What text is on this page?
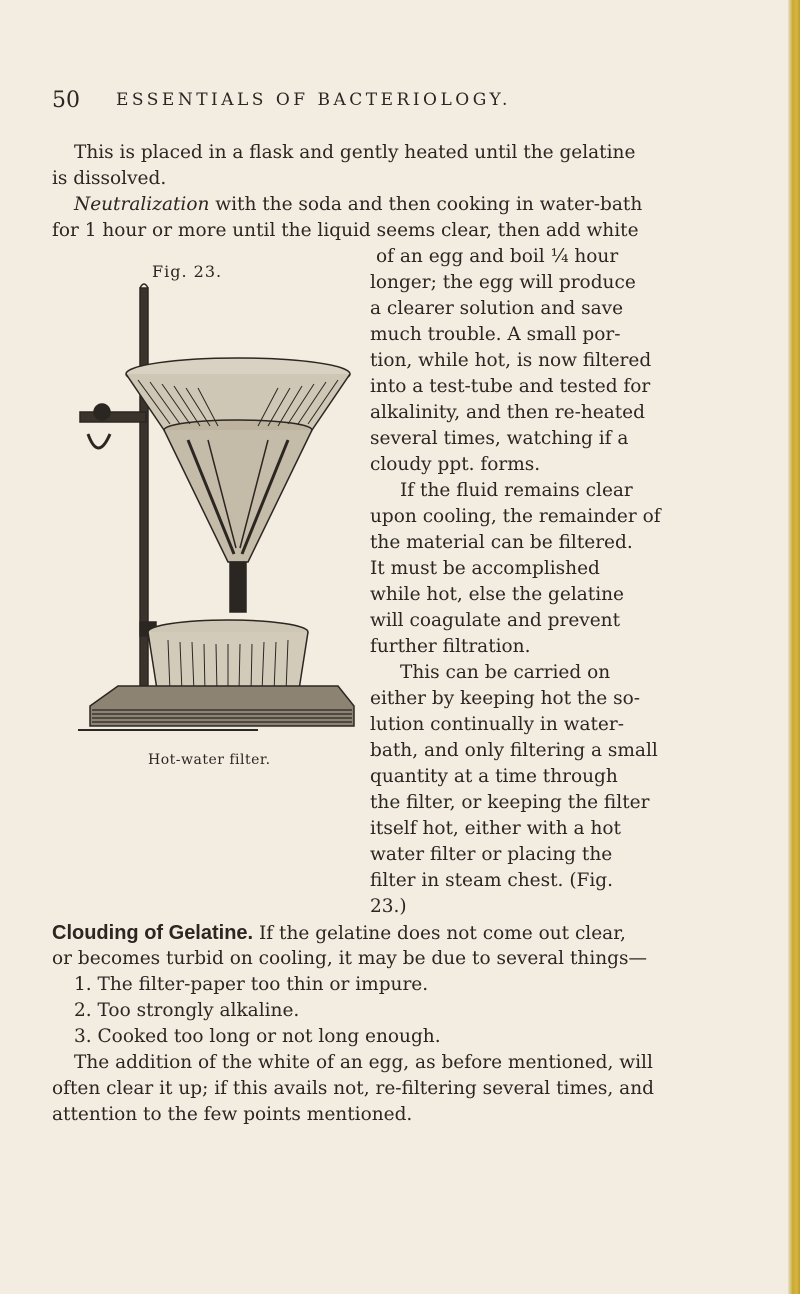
50 ESSENTIALS OF BACTERIOLOGY.
This is placed in a flask and gently heated until the gelatine
is dissolved.
Neutralization with the soda and then cooking in water-bath
for 1 hour or more until the liquid seems clear, then add white
Fig. 23.
Hot-water filter.
of an egg and boil ¼ hour
longer; the egg will produce
a clearer solution and save
much trouble. A small por-
tion, while hot, is now filtered
into a test-tube and tested for
alkalinity, and then re-heated
several times, watching if a
cloudy ppt. forms.
If the fluid remains clear
upon cooling, the remainder of
the material can be filtered.
It must be accomplished
while hot, else the gelatine
will coagulate and prevent
further filtration.
This can be carried on
either by keeping hot the so-
lution continually in water-
bath, and only filtering a small
quantity at a time through
the filter, or keeping the filter
itself hot, either with a hot
water filter or placing the
filter in steam chest. (Fig.
23.)
Clouding of Gelatine. If the gelatine does not come out clear,
or becomes turbid on cooling, it may be due to several things—
1. The filter-paper too thin or impure.
2. Too strongly alkaline.
3. Cooked too long or not long enough.
The addition of the white of an egg, as before mentioned, will
often clear it up; if this avails not, re-filtering several times, and
attention to the few points mentioned.
